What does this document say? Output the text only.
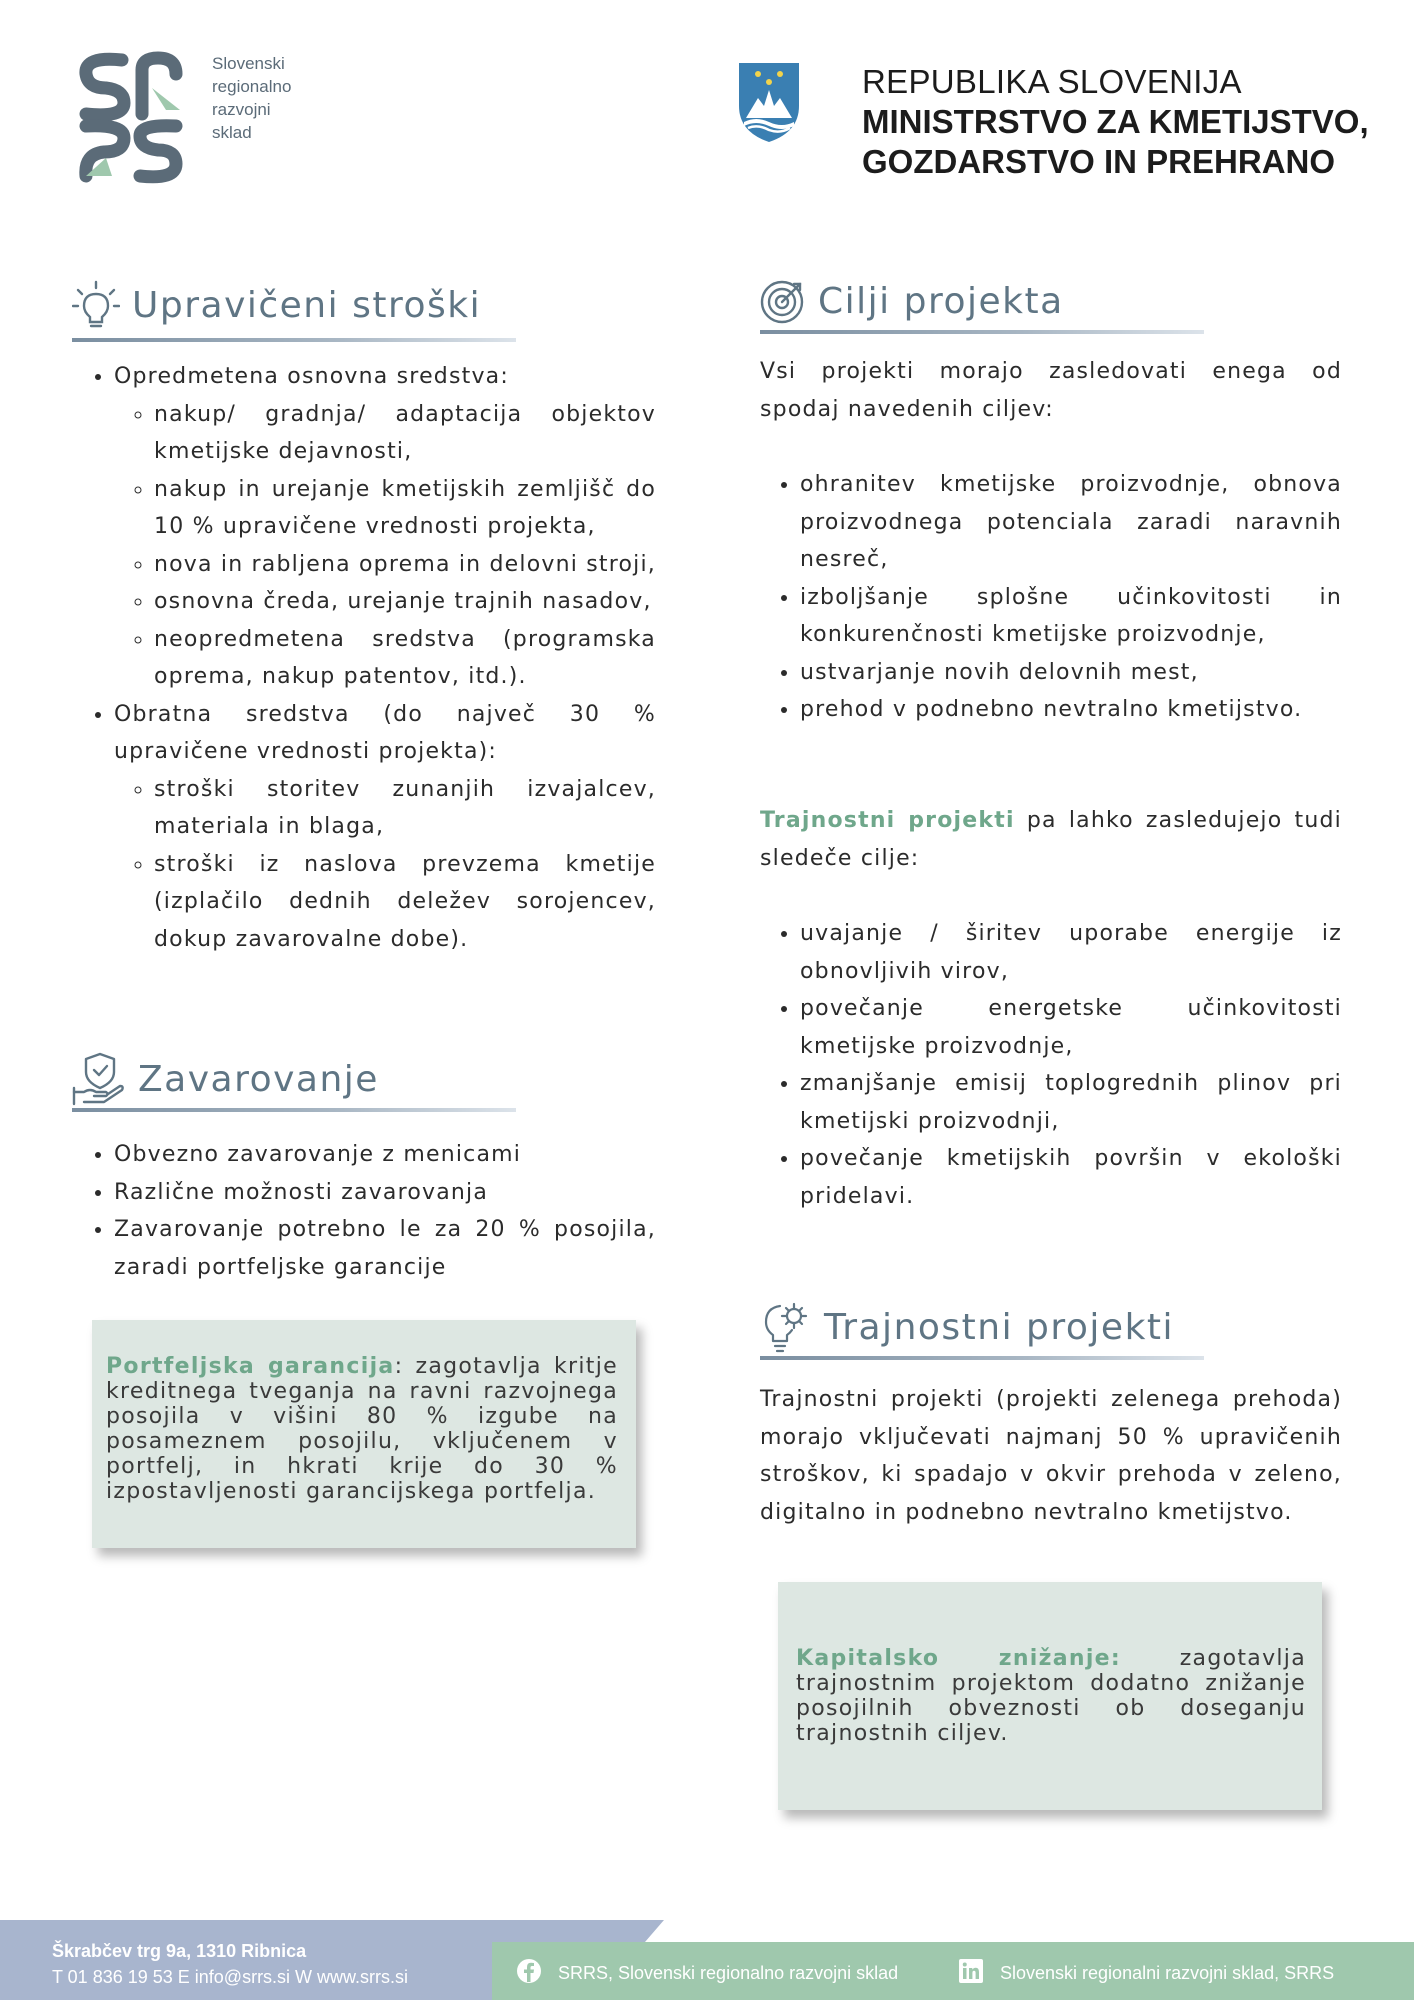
Slovenski
regionalno
razvojni
sklad
REPUBLIKA SLOVENIJA
MINISTRSTVO ZA KMETIJSTVO,
GOZDARSTVO IN PREHRANO
Upravičeni stroški
• Opredmetena osnovna sredstva:
◦ nakup/ gradnja/ adaptacija objektov kmetijske dejavnosti,
◦ nakup in urejanje kmetijskih zemljišč do 10 % upravičene vrednosti projekta,
◦ nova in rabljena oprema in delovni stroji,
◦ osnovna čreda, urejanje trajnih nasadov,
◦ neopredmetena sredstva (programska oprema, nakup patentov, itd.).
• Obratna sredstva (do največ 30 % upravičene vrednosti projekta):
◦ stroški storitev zunanjih izvajalcev, materiala in blaga,
◦ stroški iz naslova prevzema kmetije (izplačilo dednih deležev sorojencev, dokup zavarovalne dobe).
Zavarovanje
• Obvezno zavarovanje z menicami
• Različne možnosti zavarovanja
• Zavarovanje potrebno le za 20 % posojila, zaradi portfeljske garancije
Portfeljska garancija: zagotavlja kritje kreditnega tveganja na ravni razvojnega posojila v višini 80 % izgube na posameznem posojilu, vključenem v portfelj, in hkrati krije do 30 % izpostavljenosti garancijskega portfelja.
Cilji projekta
Vsi projekti morajo zasledovati enega od spodaj navedenih ciljev:
• ohranitev kmetijske proizvodnje, obnova proizvodnega potenciala zaradi naravnih nesreč,
• izboljšanje splošne učinkovitosti in konkurenčnosti kmetijske proizvodnje,
• ustvarjanje novih delovnih mest,
• prehod v podnebno nevtralno kmetijstvo.
Trajnostni projekti pa lahko zasledujejo tudi sledeče cilje:
• uvajanje / širitev uporabe energije iz obnovljivih virov,
• povečanje energetske učinkovitosti kmetijske proizvodnje,
• zmanjšanje emisij toplogrednih plinov pri kmetijski proizvodnji,
• povečanje kmetijskih površin v ekološki pridelavi.
Trajnostni projekti
Trajnostni projekti (projekti zelenega prehoda) morajo vključevati najmanj 50 % upravičenih stroškov, ki spadajo v okvir prehoda v zeleno, digitalno in podnebno nevtralno kmetijstvo.
Kapitalsko znižanje: zagotavlja trajnostnim projektom dodatno znižanje posojilnih obveznosti ob doseganju trajnostnih ciljev.
Škrabčev trg 9a, 1310 Ribnica
T 01 836 19 53 E info@srrs.si W www.srrs.si	SRRS, Slovenski regionalno razvojni sklad	Slovenski regionalni razvojni sklad, SRRS
